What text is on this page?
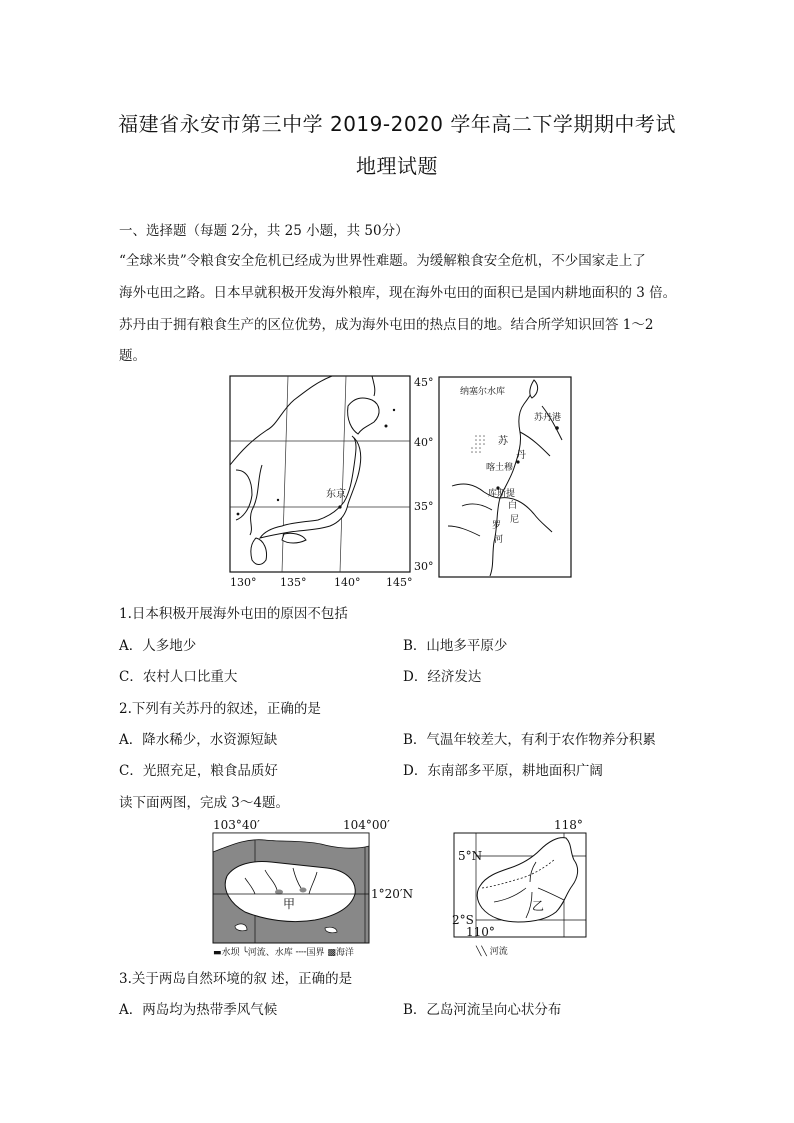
福建省永安市第三中学 2019-2020 学年高二下学期期中考试
地理试题
一、选择题（每题 2分，共 25 小题，共 50分）
“全球米贵”令粮食安全危机已经成为世界性难题。为缓解粮食安全危机，不少国家走上了
海外屯田之路。日本早就积极开发海外粮库，现在海外屯田的面积已是国内耕地面积的 3 倍。
苏丹由于拥有粮食生产的区位优势，成为海外屯田的热点目的地。结合所学知识回答 1～2
题。
东京
45°
40°
35°
30°
130° 135°	140° 145°
纳塞尔水库
苏丹港
苏
丹
喀土穆
库斯提
白
尼
罗
河
1.日本积极开展海外屯田的原因不包括
A．人多地少	B．山地多平原少
C．农村人口比重大	D．经济发达
2.下列有关苏丹的叙述，正确的是
A．降水稀少，水资源短缺	B．气温年较差大，有利于农作物养分积累
C．光照充足，粮食品质好	D．东南部多平原，耕地面积广阔
读下面两图，完成 3～4题。
103°40′	104°00′
1°20′N
甲
▬水坝 ╰河流、水库 ╌╌国界 ▩海洋
118°
5°N
2°S
乙
110°
╲╲ 河流
3.关于两岛自然环境的叙 述，正确的是
A．两岛均为热带季风气候	B．乙岛河流呈向心状分布
